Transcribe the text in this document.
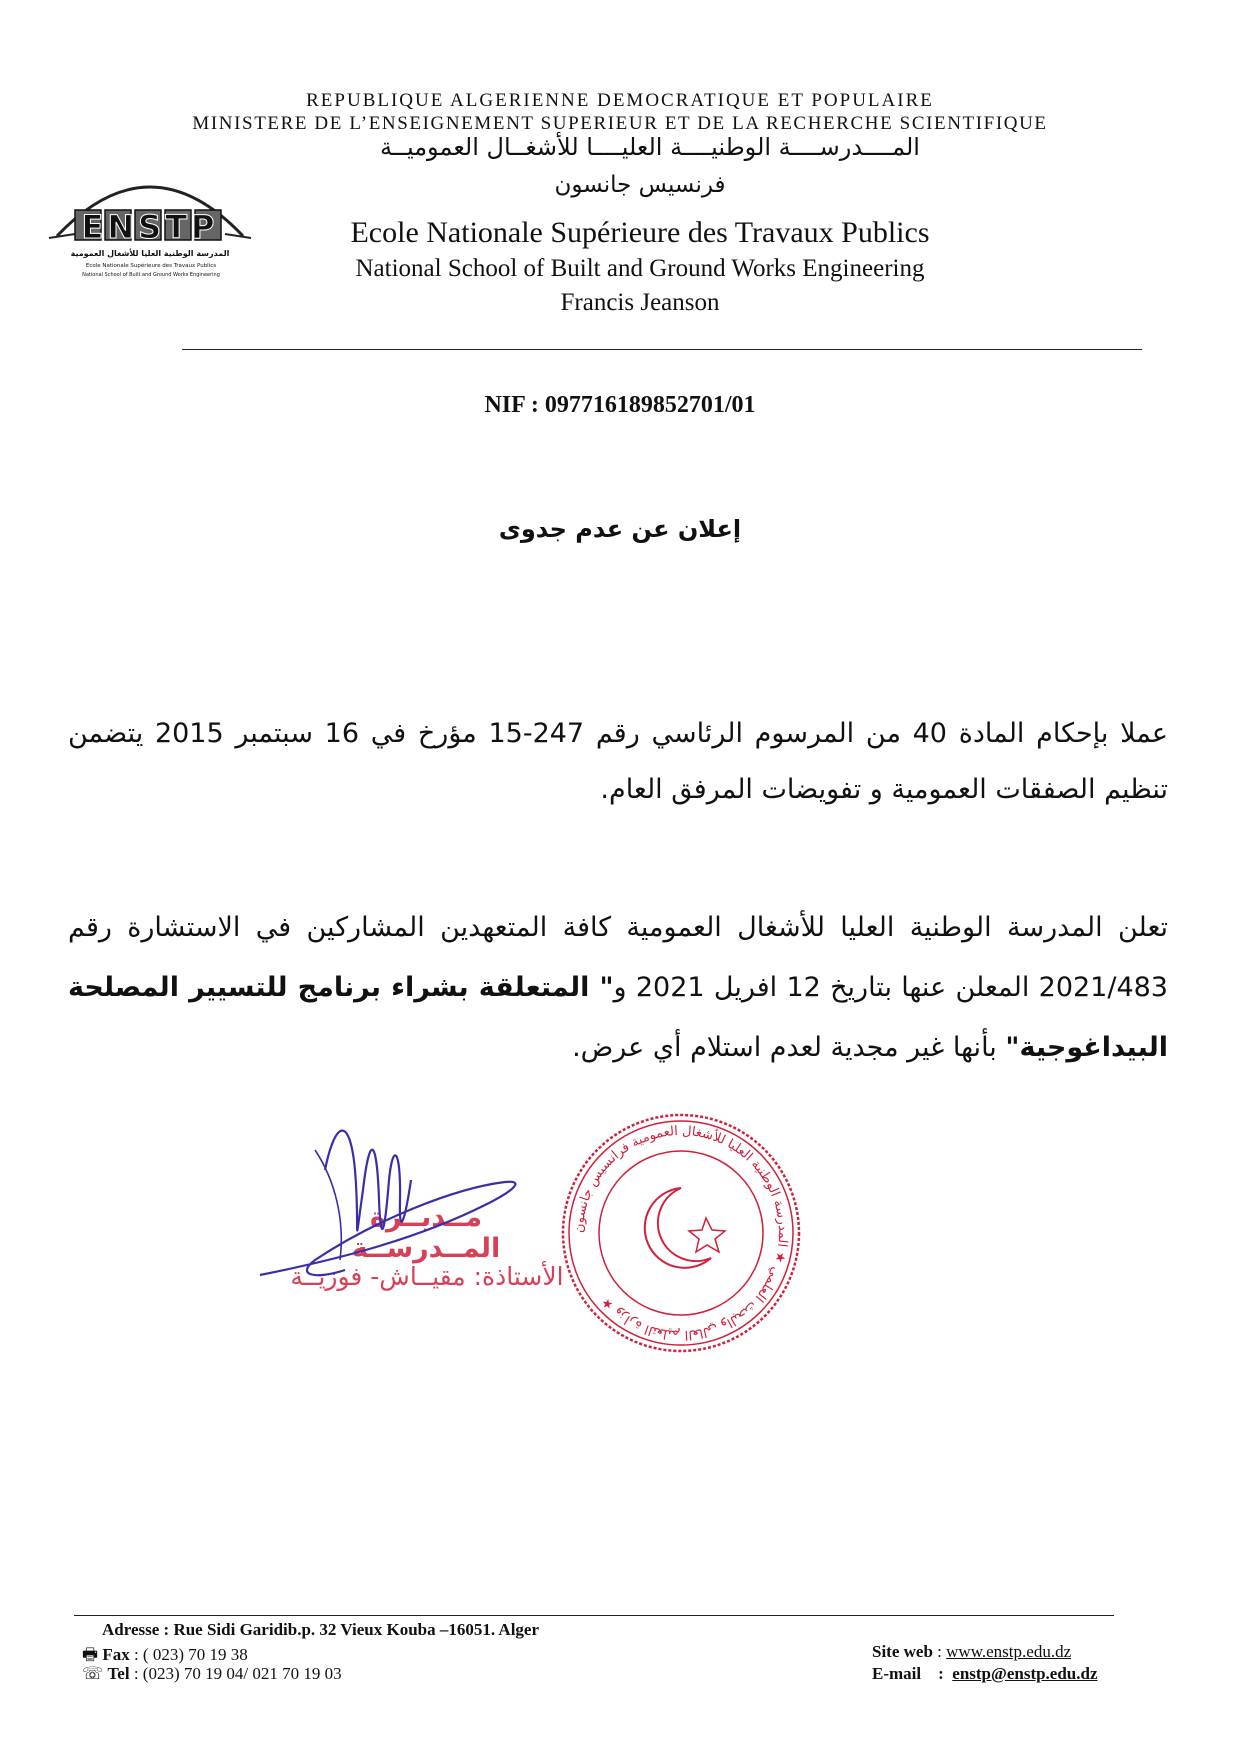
REPUBLIQUE ALGERIENNE DEMOCRATIQUE ET POPULAIRE
MINISTERE DE L’ENSEIGNEMENT SUPERIEUR ET DE LA RECHERCHE SCIENTIFIQUE
المــــدرســــة الوطنيــــة العليــــا للأشغــال العموميــة
فرنسيس جانسون
Ecole Nationale Supérieure des Travaux Publics
National School of Built and Ground Works Engineering
Francis Jeanson
ENSTP
المدرسة الوطنية العليا للأشغال العمومية
Ecole Nationale Supérieure des Travaux Publics
National School of Built and Ground Works Engineering
NIF : 097716189852701/01
إعلان عن عدم جدوى
عملا بإحكام المادة 40 من المرسوم الرئاسي رقم 247-15 مؤرخ في 16 سبتمبر 2015 يتضمن تنظيم الصفقات العمومية و تفويضات المرفق العام.
تعلن المدرسة الوطنية العليا للأشغال العمومية كافة المتعهدين المشاركين في الاستشارة رقم 2021/483 المعلن عنها بتاريخ 12 افريل 2021 و" المتعلقة بشراء برنامج للتسيير المصلحة البيداغوجية" بأنها غير مجدية لعدم استلام أي عرض.
وزارة التعليم العالي والبحث العلمي ★ المدرسة الوطنية العليا للأشغال العمومية فرانسيس جانسون ★
مــديــرة المــدرســة
الأستاذة: مقيــاش- فوزيــة
Adresse : Rue Sidi Garidib.p. 32 Vieux Kouba –16051. Alger
🖶 Fax : ( 023) 70 19 38
☏ Tel : (023) 70 19 04/ 021 70 19 03
Site web : www.enstp.edu.dz
E-mail    :  enstp@enstp.edu.dz
